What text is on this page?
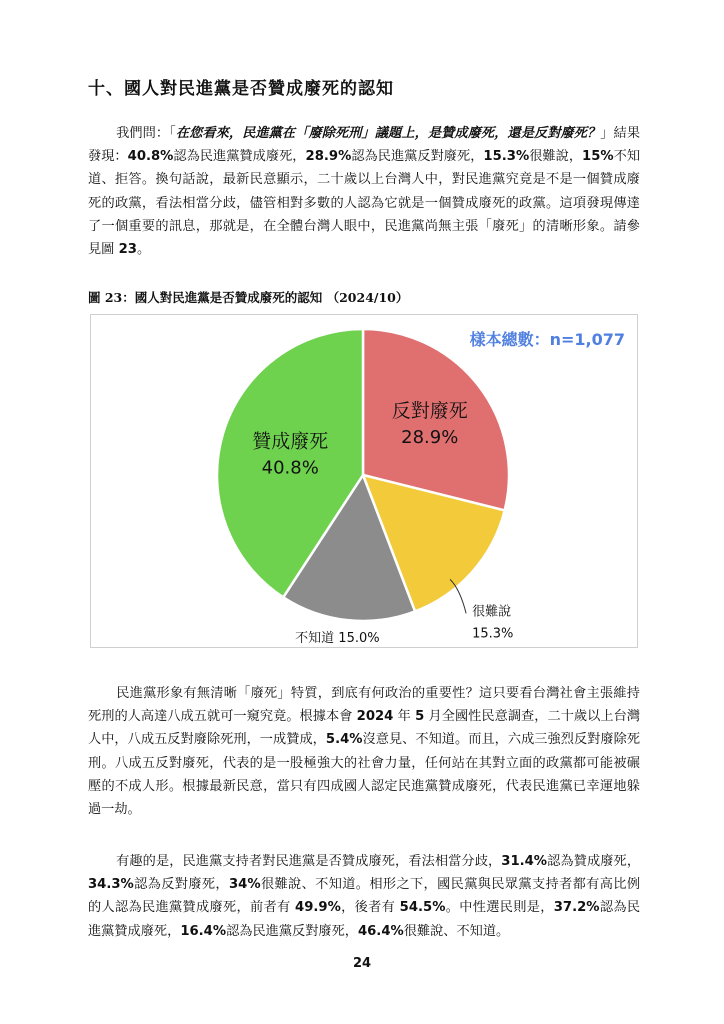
十、國人對民進黨是否贊成廢死的認知
我們問：「在您看來，民進黨在「廢除死刑」議題上，是贊成廢死，還是反對廢死？」結果發現：40.8%認為民進黨贊成廢死，28.9%認為民進黨反對廢死，15.3%很難說，15%不知道、拒答。換句話說，最新民意顯示，二十歲以上台灣人中，對民進黨究竟是不是一個贊成廢死的政黨，看法相當分歧，儘管相對多數的人認為它就是一個贊成廢死的政黨。這項發現傳達了一個重要的訊息，那就是，在全體台灣人眼中，民進黨尚無主張「廢死」的清晰形象。請參見圖 23。
圖 23：國人對民進黨是否贊成廢死的認知 （2024/10）
反對廢死
28.9%
贊成廢死
40.8%
很難說
15.3%
不知道 15.0%
樣本總數：n=1,077
民進黨形象有無清晰「廢死」特質，到底有何政治的重要性？這只要看台灣社會主張維持死刑的人高達八成五就可一窺究竟。根據本會 2024 年 5 月全國性民意調查，二十歲以上台灣人中，八成五反對廢除死刑，一成贊成，5.4%沒意見、不知道。而且，六成三強烈反對廢除死刑。八成五反對廢死，代表的是一股極強大的社會力量，任何站在其對立面的政黨都可能被碾壓的不成人形。根據最新民意，當只有四成國人認定民進黨贊成廢死，代表民進黨已幸運地躲過一劫。
有趣的是，民進黨支持者對民進黨是否贊成廢死，看法相當分歧，31.4%認為贊成廢死，34.3%認為反對廢死，34%很難說、不知道。相形之下，國民黨與民眾黨支持者都有高比例的人認為民進黨贊成廢死，前者有 49.9%，後者有 54.5%。中性選民則是，37.2%認為民進黨贊成廢死，16.4%認為民進黨反對廢死，46.4%很難說、不知道。
24
